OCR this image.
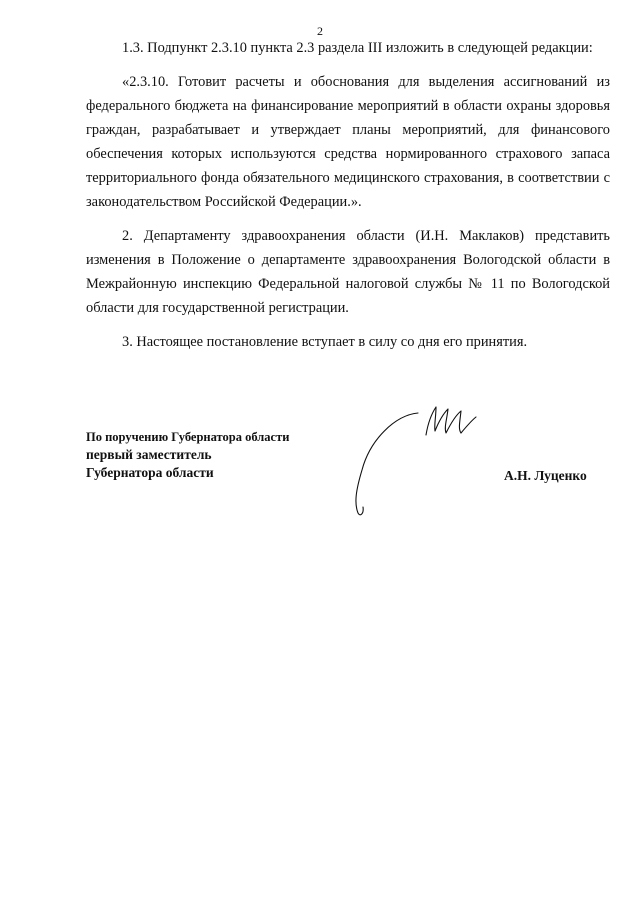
2

1.3. Подпункт 2.3.10 пункта 2.3 раздела III изложить в следующей редакции:

«2.3.10. Готовит расчеты и обоснования для выделения ассигнований из федерального бюджета на финансирование мероприятий в области охраны здоровья граждан, разрабатывает и утверждает планы мероприятий, для финансового обеспечения которых используются средства нормированного страхового запаса территориального фонда обязательного медицинского страхования, в соответствии с законодательством Российской Федерации.».

2. Департаменту здравоохранения области (И.Н. Маклаков) представить изменения в Положение о департаменте здравоохранения Вологодской области в Межрайонную инспекцию Федеральной налоговой службы № 11 по Вологодской области для государственной регистрации.

3. Настоящее постановление вступает в силу со дня его принятия.

По поручению Губернатора области
первый заместитель
Губернатора области	А.Н. Луценко
